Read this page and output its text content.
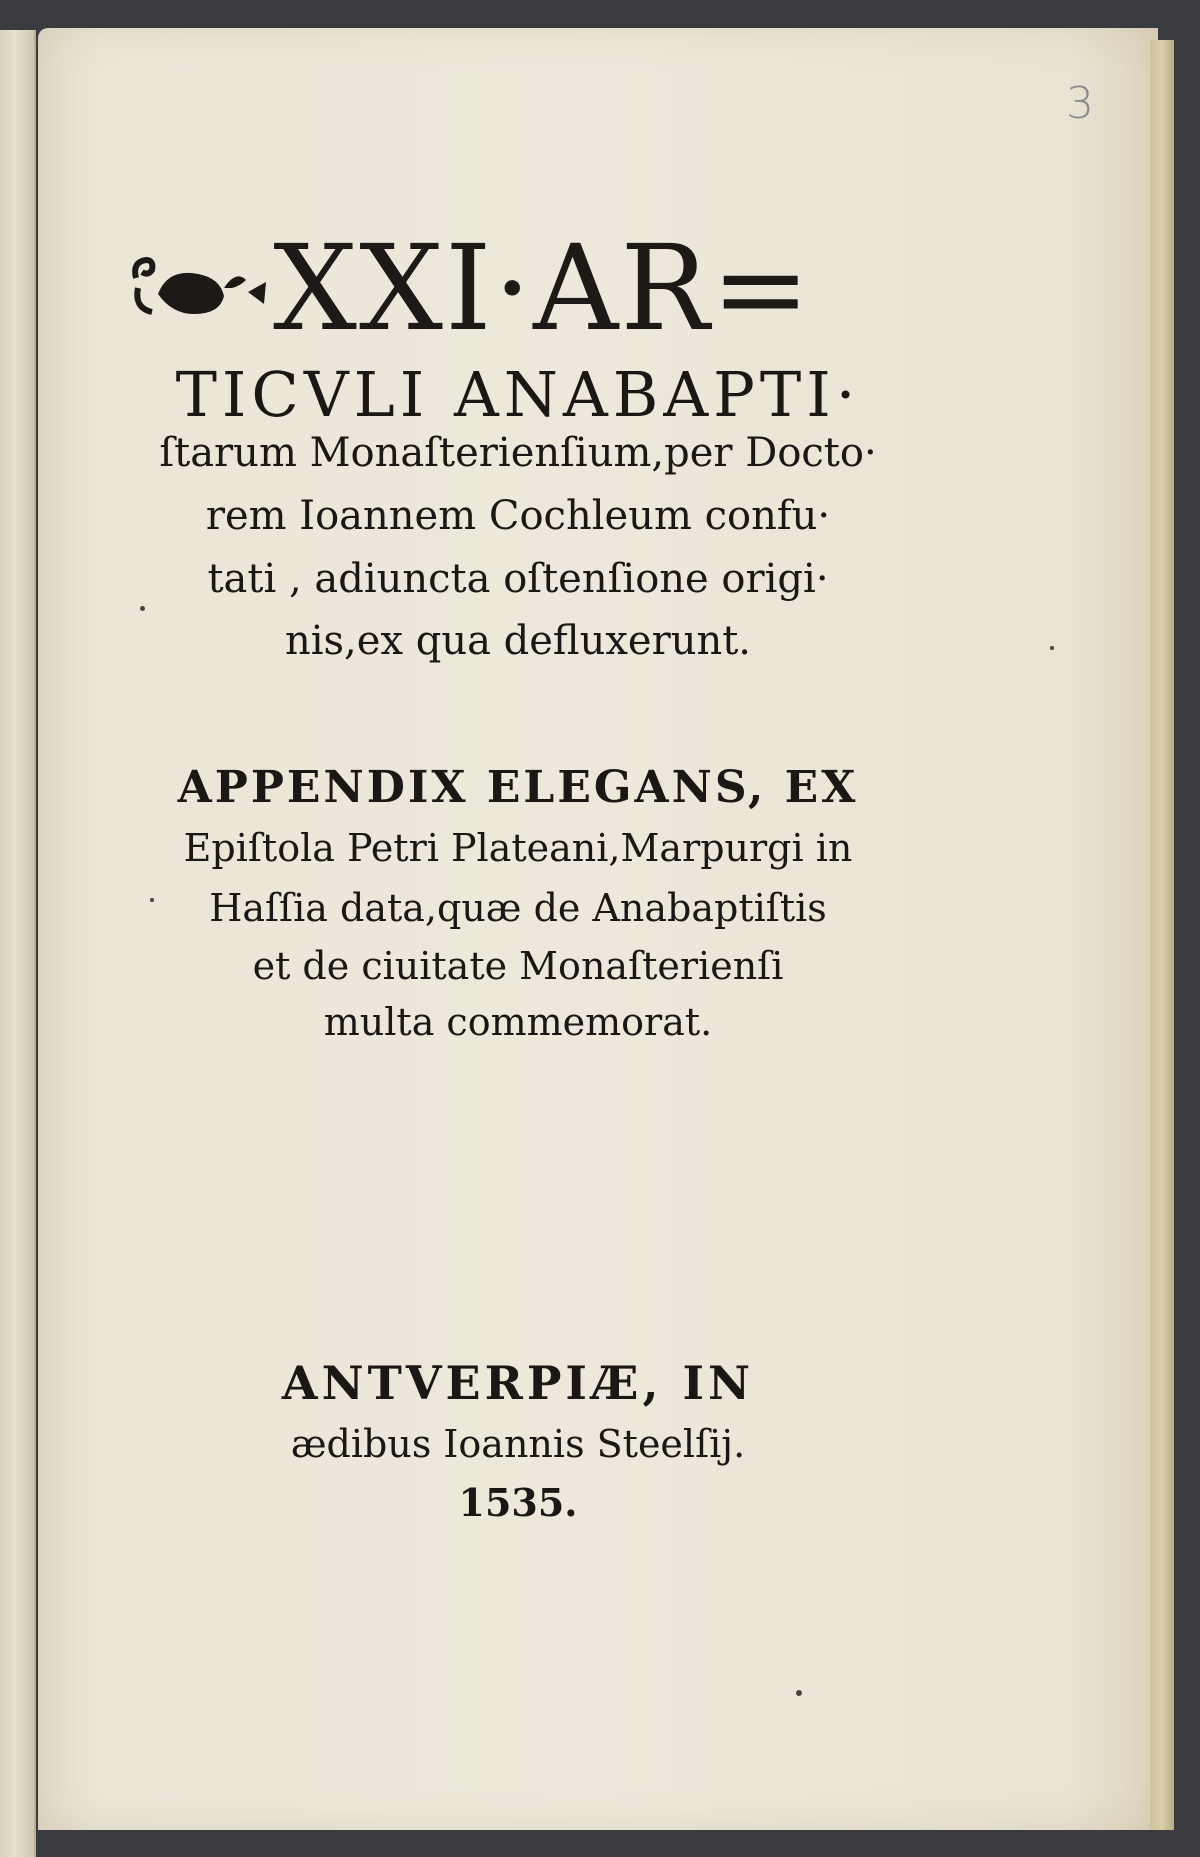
3
XXI·AR=
TICVLI ANABAPTI·
ſtarum Monaſterienſium,per Docto·
rem Ioannem Cochleum confu·
tati , adiuncta oſtenſione origi·
nis,ex qua defluxerunt.
APPENDIX ELEGANS, EX
Epiſtola Petri Plateani,Marpurgi in
Haſſia data,quæ de Anabaptiſtis
et de ciuitate Monaſterienſi
multa commemorat.
ANTVERPIÆ, IN
ædibus Ioannis Steelſij.
1535.
